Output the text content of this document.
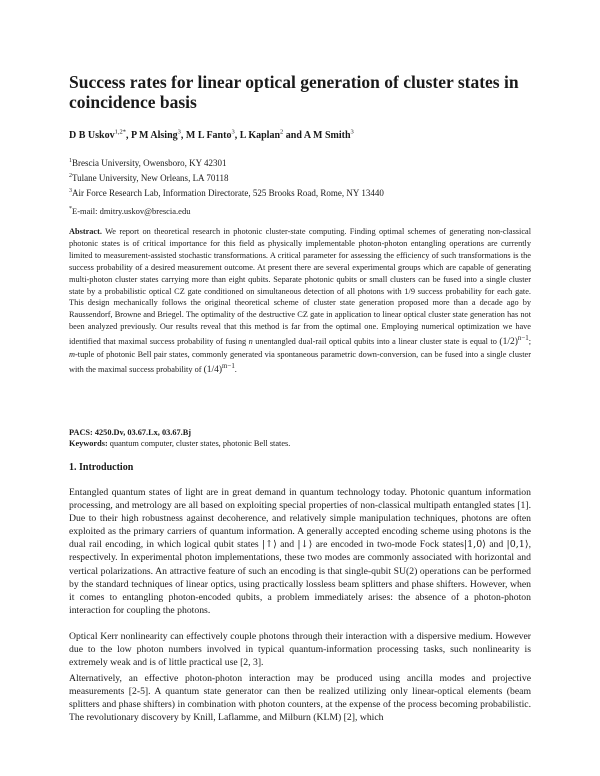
Success rates for linear optical generation of cluster states in coincidence basis
D B Uskov$^{1,2*}$, P M Alsing$^3$, M L Fanto$^3$, L Kaplan$^2$ and A M Smith$^3$
$^1$Brescia University, Owensboro, KY 42301
$^2$Tulane University, New Orleans, LA 70118
$^3$Air Force Research Lab, Information Directorate, 525 Brooks Road, Rome, NY 13440
*E-mail: dmitry.uskov@brescia.edu

Abstract. We report on theoretical research in photonic cluster-state computing. Finding optimal schemes of generating non-classical photonic states is of critical importance for this field as physically implementable photon-photon entangling operations are currently limited to measurement-assisted stochastic transformations. A critical parameter for assessing the efficiency of such transformations is the success probability of a desired measurement outcome. At present there are several experimental groups which are capable of generating multi-photon cluster states carrying more than eight qubits. Separate photonic qubits or small clusters can be fused into a single cluster state by a probabilistic optical CZ gate conditioned on simultaneous detection of all photons with 1/9 success probability for each gate. This design mechanically follows the original theoretical scheme of cluster state generation proposed more than a decade ago by Raussendorf, Browne and Briegel. The optimality of the destructive CZ gate in application to linear optical cluster state generation has not been analyzed previously. Our results reveal that this method is far from the optimal one. Employing numerical optimization we have identified that maximal success probability of fusing n unentangled dual-rail optical qubits into a linear cluster state is equal to $(1/2)^{n-1}$; m-tuple of photonic Bell pair states, commonly generated via spontaneous parametric down-conversion, can be fused into a single cluster with the maximal success probability of $(1/4)^{m-1}$.

PACS: 4250.Dv, 03.67.Lx, 03.67.Bj
Keywords: quantum computer, cluster states, photonic Bell states.
1. Introduction

Entangled quantum states of light are in great demand in quantum technology today. Photonic quantum information processing, and metrology are all based on exploiting special properties of non-classical multipath entangled states [1]. Due to their high robustness against decoherence, and relatively simple manipulation techniques, photons are often exploited as the primary carriers of quantum information. A generally accepted encoding scheme using photons is the dual rail encoding, in which logical qubit states |↑⟩ and |↓⟩ are encoded in two-mode Fock states|1,0⟩ and |0,1⟩, respectively. In experimental photon implementations, these two modes are commonly associated with horizontal and vertical polarizations. An attractive feature of such an encoding is that single-qubit SU(2) operations can be performed by the standard techniques of linear optics, using practically lossless beam splitters and phase shifters. However, when it comes to entangling photon-encoded qubits, a problem immediately arises: the absence of a photon-photon interaction for coupling the photons.

Optical Kerr nonlinearity can effectively couple photons through their interaction with a dispersive medium. However due to the low photon numbers involved in typical quantum-information processing tasks, such nonlinearity is extremely weak and is of little practical use [2, 3].

Alternatively, an effective photon-photon interaction may be produced using ancilla modes and projective measurements [2-5]. A quantum state generator can then be realized utilizing only linear-optical elements (beam splitters and phase shifters) in combination with photon counters, at the expense of the process becoming probabilistic. The revolutionary discovery by Knill, Laflamme, and Milburn (KLM) [2], which
